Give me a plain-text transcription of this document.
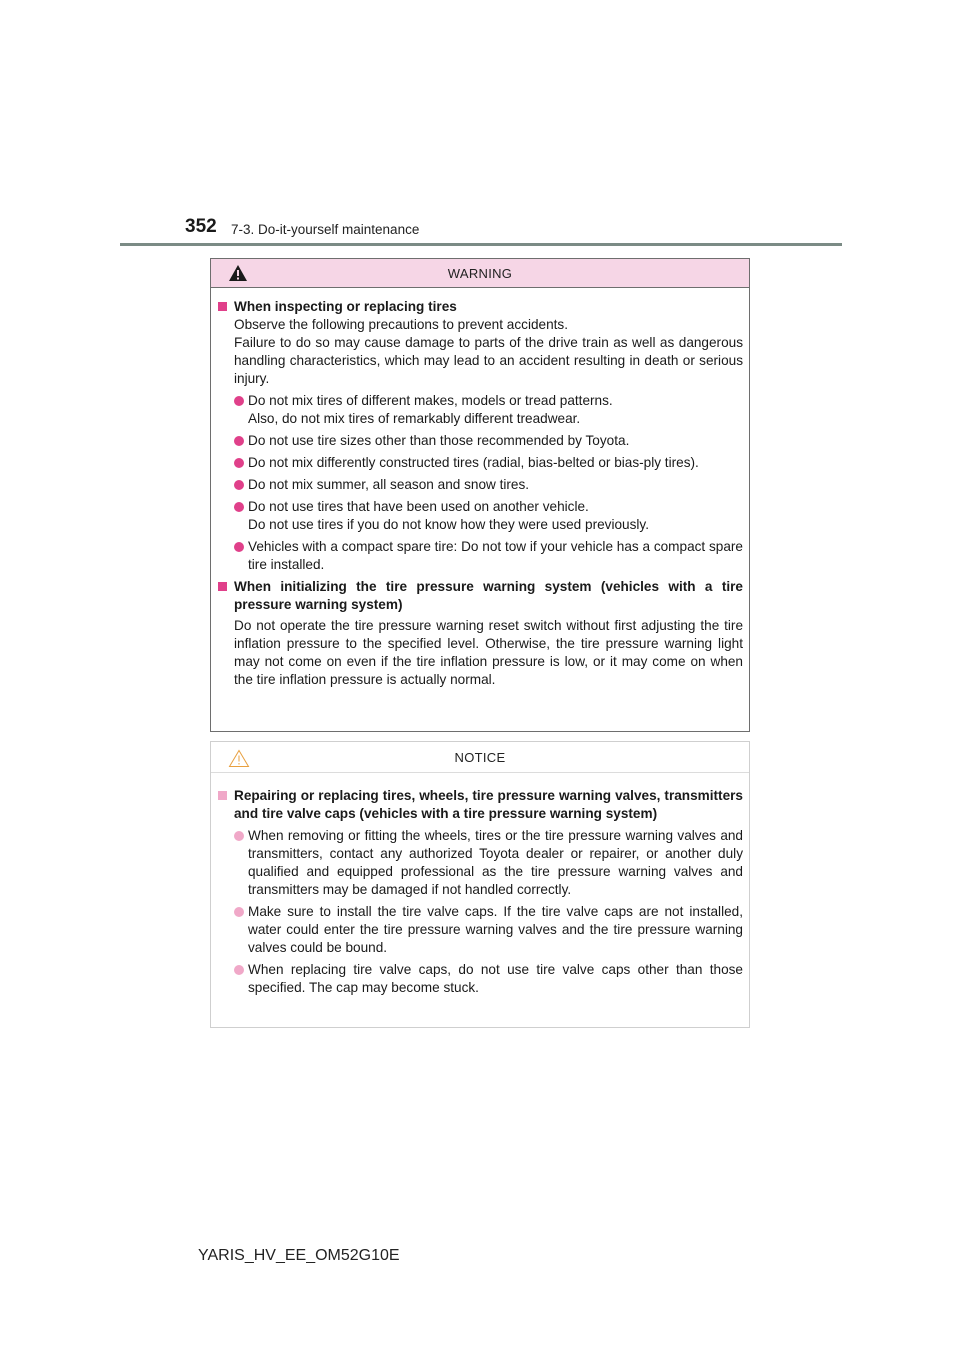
352 7-3. Do-it-yourself maintenance
WARNING
When inspecting or replacing tires
Observe the following precautions to prevent accidents.
Failure to do so may cause damage to parts of the drive train as well as dangerous handling characteristics, which may lead to an accident resulting in death or serious injury.
Do not mix tires of different makes, models or tread patterns.
Also, do not mix tires of remarkably different treadwear.
Do not use tire sizes other than those recommended by Toyota.
Do not mix differently constructed tires (radial, bias-belted or bias-ply tires).
Do not mix summer, all season and snow tires.
Do not use tires that have been used on another vehicle.
Do not use tires if you do not know how they were used previously.
Vehicles with a compact spare tire: Do not tow if your vehicle has a compact spare tire installed.
When initializing the tire pressure warning system (vehicles with a tire pressure warning system)
Do not operate the tire pressure warning reset switch without first adjusting the tire inflation pressure to the specified level. Otherwise, the tire pressure warning light may not come on even if the tire inflation pressure is low, or it may come on when the tire inflation pressure is actually normal.
NOTICE
Repairing or replacing tires, wheels, tire pressure warning valves, transmitters and tire valve caps (vehicles with a tire pressure warning system)
When removing or fitting the wheels, tires or the tire pressure warning valves and transmitters, contact any authorized Toyota dealer or repairer, or another duly qualified and equipped professional as the tire pressure warning valves and transmitters may be damaged if not handled correctly.
Make sure to install the tire valve caps. If the tire valve caps are not installed, water could enter the tire pressure warning valves and the tire pressure warning valves could be bound.
When replacing tire valve caps, do not use tire valve caps other than those specified. The cap may become stuck.
YARIS_HV_EE_OM52G10E
